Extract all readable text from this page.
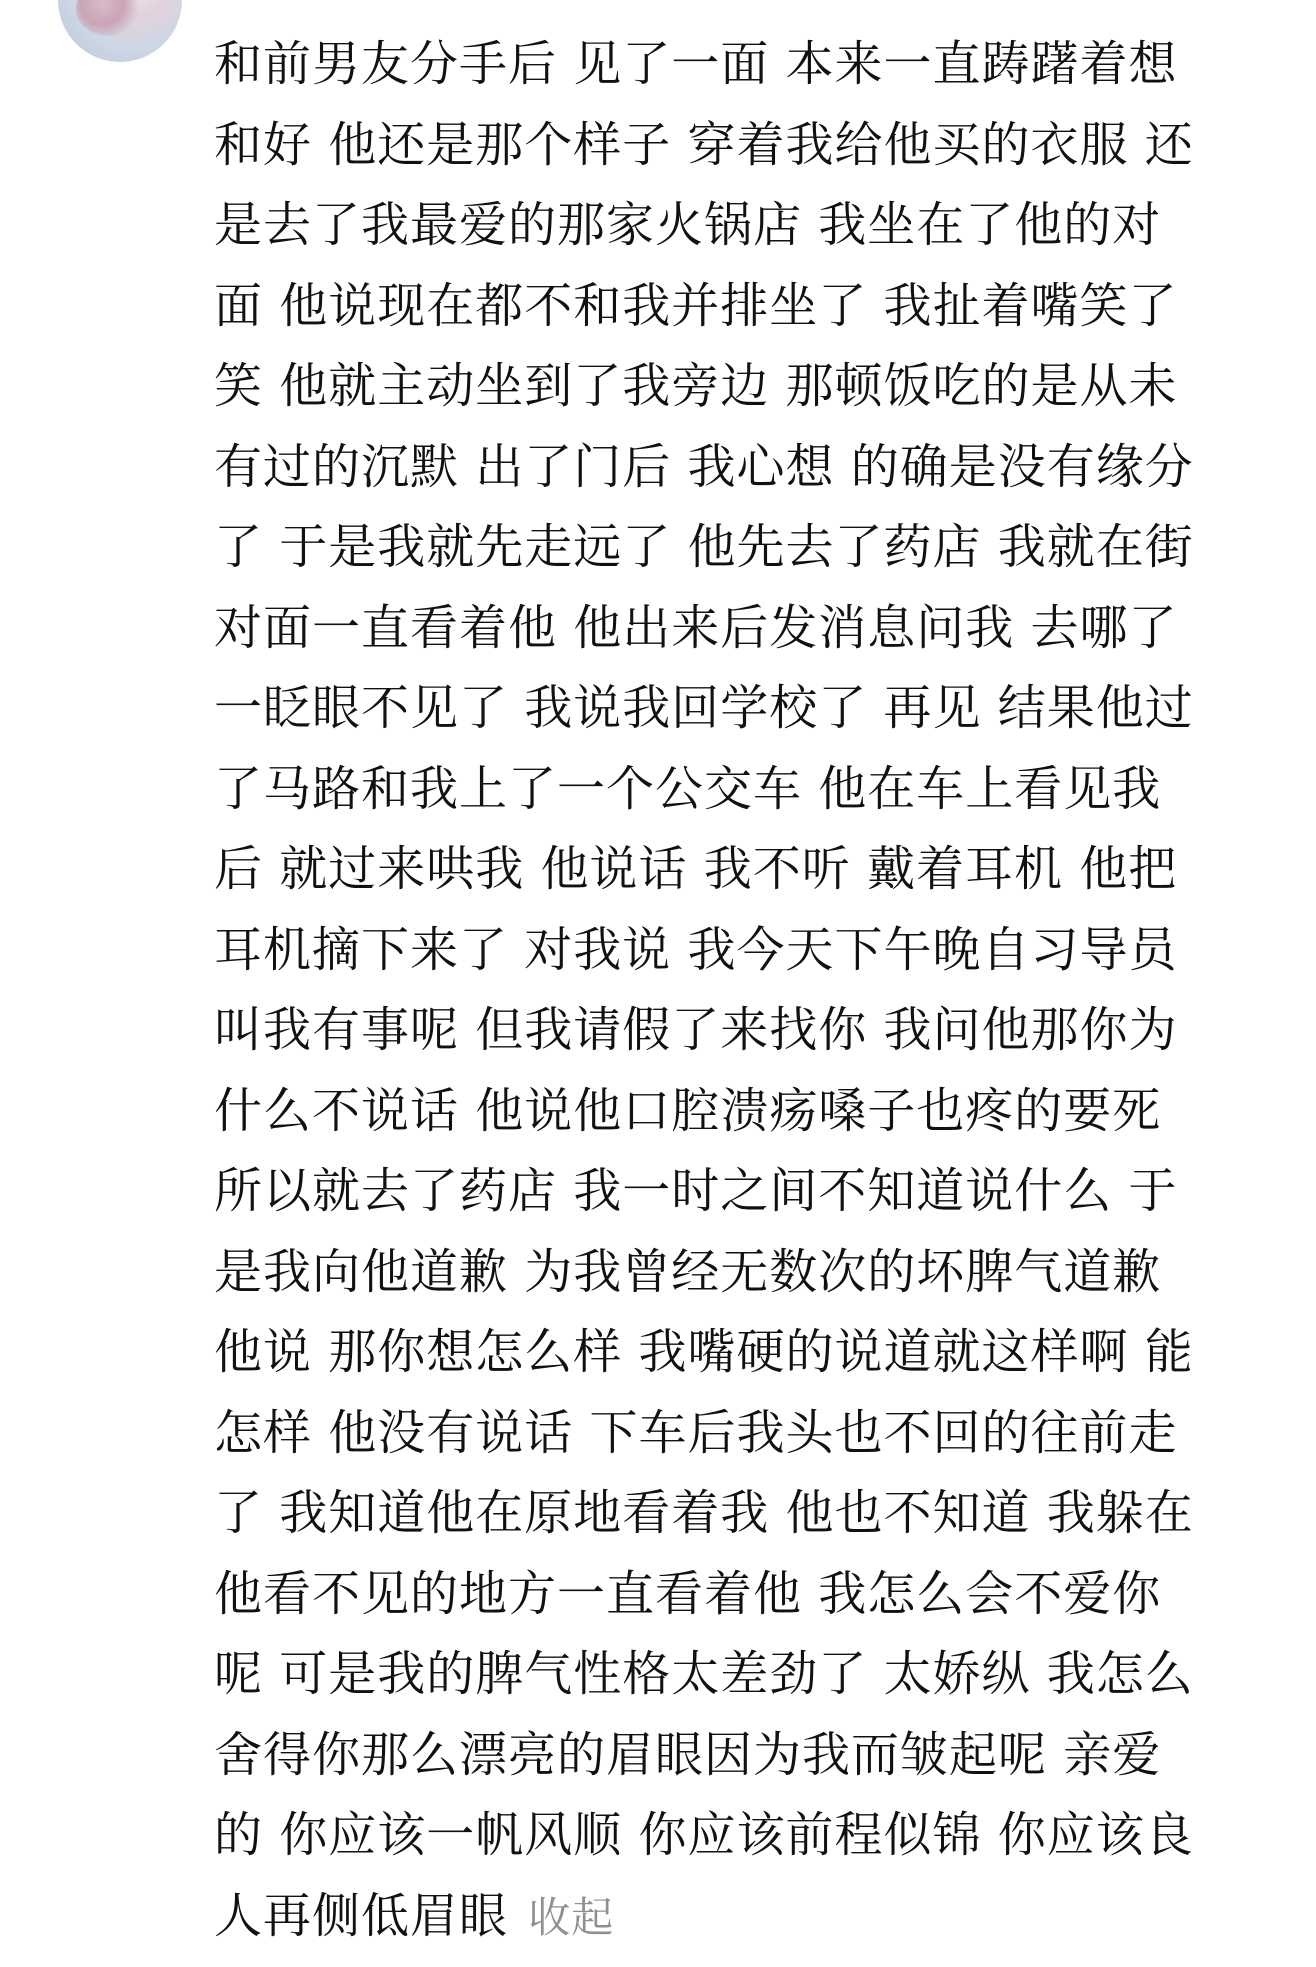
和前男友分手后 见了一面 本来一直踌躇着想
和好 他还是那个样子 穿着我给他买的衣服 还
是去了我最爱的那家火锅店 我坐在了他的对
面 他说现在都不和我并排坐了 我扯着嘴笑了
笑 他就主动坐到了我旁边 那顿饭吃的是从未
有过的沉默 出了门后 我心想 的确是没有缘分
了 于是我就先走远了 他先去了药店 我就在街
对面一直看着他 他出来后发消息问我 去哪了
一眨眼不见了 我说我回学校了 再见 结果他过
了马路和我上了一个公交车 他在车上看见我
后 就过来哄我 他说话 我不听 戴着耳机 他把
耳机摘下来了 对我说 我今天下午晚自习导员
叫我有事呢 但我请假了来找你 我问他那你为
什么不说话 他说他口腔溃疡嗓子也疼的要死
所以就去了药店 我一时之间不知道说什么 于
是我向他道歉 为我曾经无数次的坏脾气道歉
他说 那你想怎么样 我嘴硬的说道就这样啊 能
怎样 他没有说话 下车后我头也不回的往前走
了 我知道他在原地看着我 他也不知道 我躲在
他看不见的地方一直看着他 我怎么会不爱你
呢 可是我的脾气性格太差劲了 太娇纵 我怎么
舍得你那么漂亮的眉眼因为我而皱起呢 亲爱
的 你应该一帆风顺 你应该前程似锦 你应该良
人再侧低眉眼 收起
